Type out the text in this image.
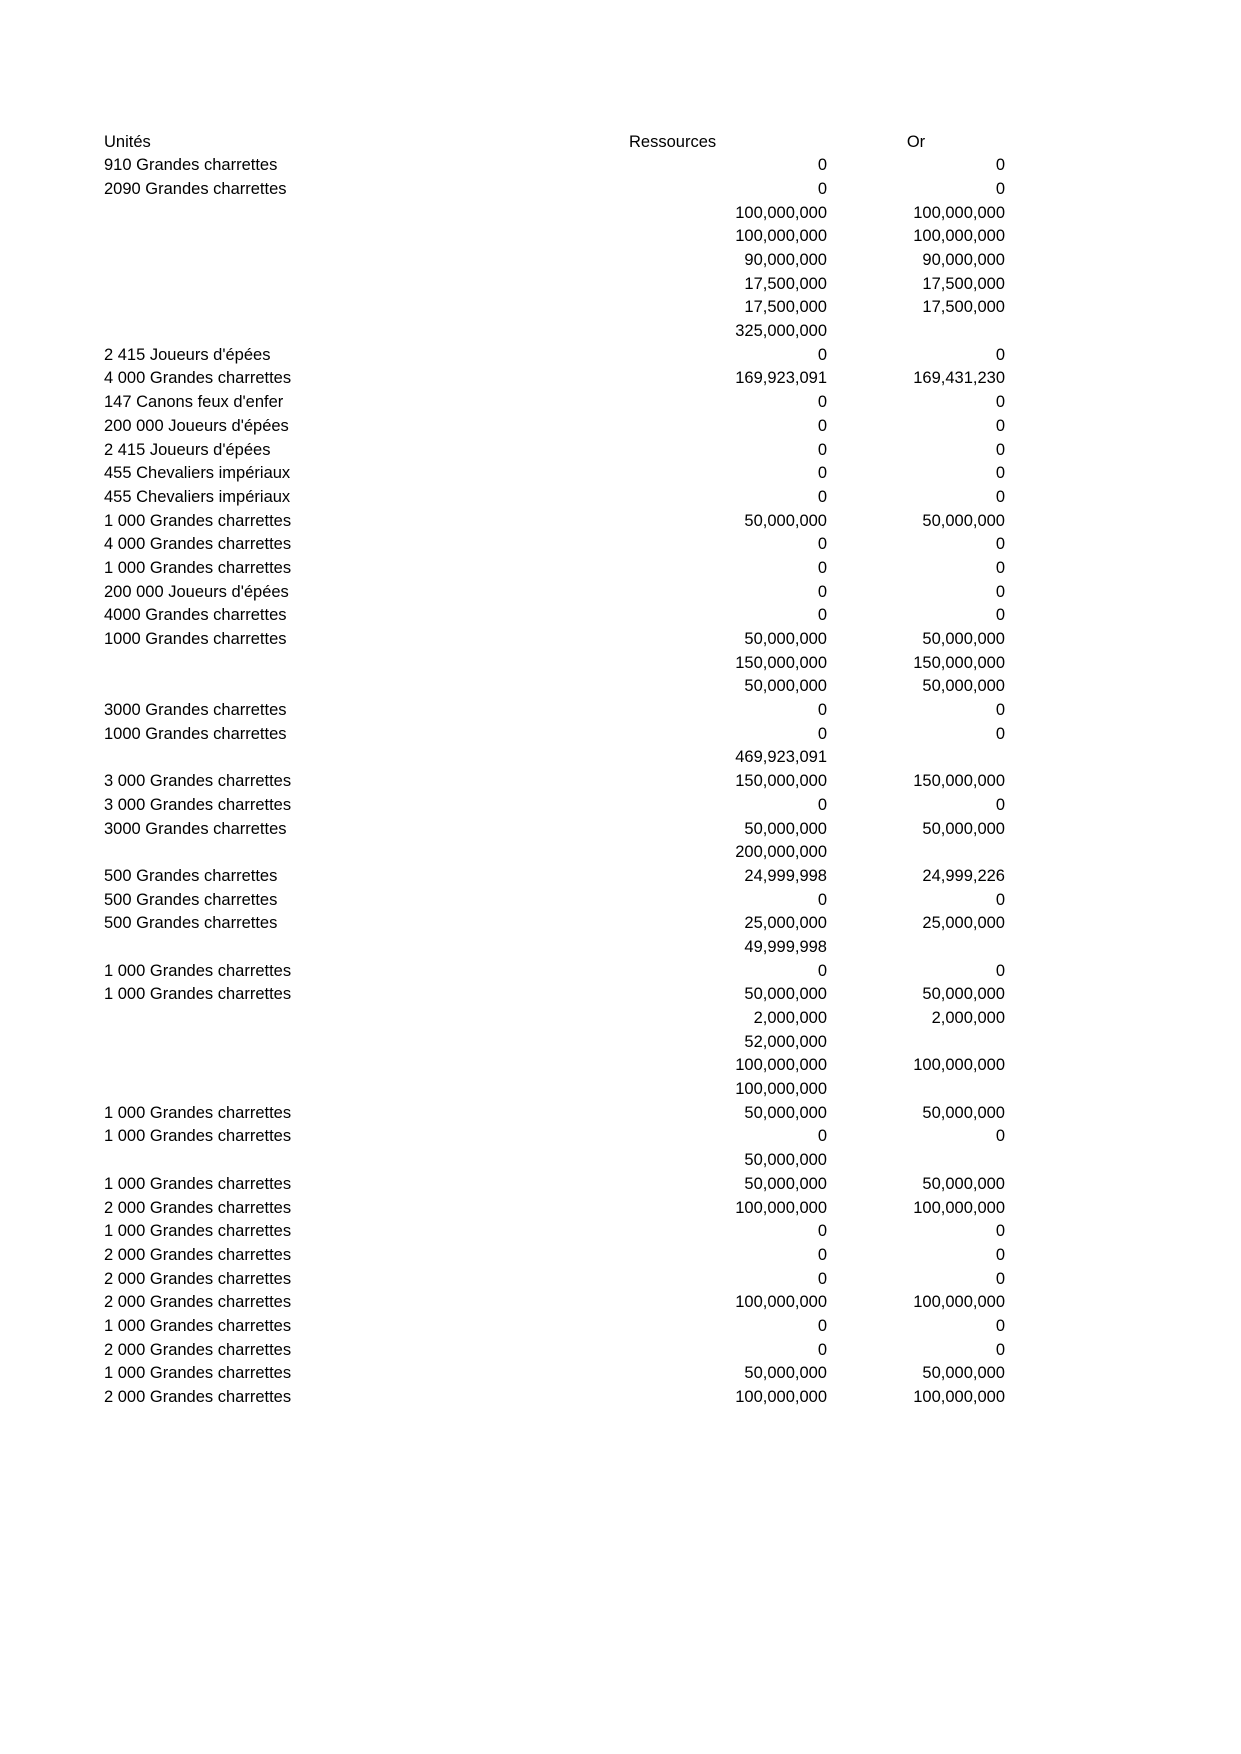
Unités	Ressources	Or
910 Grandes charrettes	0	0
2090 Grandes charrettes	0	0
	100,000,000	100,000,000
	100,000,000	100,000,000
	90,000,000	90,000,000
	17,500,000	17,500,000
	17,500,000	17,500,000
	325,000,000	
2 415 Joueurs d'épées	0	0
4 000 Grandes charrettes	169,923,091	169,431,230
147 Canons feux d'enfer	0	0
200 000 Joueurs d'épées	0	0
2 415 Joueurs d'épées	0	0
455 Chevaliers impériaux	0	0
455 Chevaliers impériaux	0	0
1 000 Grandes charrettes	50,000,000	50,000,000
4 000 Grandes charrettes	0	0
1 000 Grandes charrettes	0	0
200 000 Joueurs d'épées	0	0
4000 Grandes charrettes	0	0
1000 Grandes charrettes	50,000,000	50,000,000
	150,000,000	150,000,000
	50,000,000	50,000,000
3000 Grandes charrettes	0	0
1000 Grandes charrettes	0	0
	469,923,091	
3 000 Grandes charrettes	150,000,000	150,000,000
3 000 Grandes charrettes	0	0
3000 Grandes charrettes	50,000,000	50,000,000
	200,000,000	
500 Grandes charrettes	24,999,998	24,999,226
500 Grandes charrettes	0	0
500 Grandes charrettes	25,000,000	25,000,000
	49,999,998	
1 000 Grandes charrettes	0	0
1 000 Grandes charrettes	50,000,000	50,000,000
	2,000,000	2,000,000
	52,000,000	
	100,000,000	100,000,000
	100,000,000	
1 000 Grandes charrettes	50,000,000	50,000,000
1 000 Grandes charrettes	0	0
	50,000,000	
1 000 Grandes charrettes	50,000,000	50,000,000
2 000 Grandes charrettes	100,000,000	100,000,000
1 000 Grandes charrettes	0	0
2 000 Grandes charrettes	0	0
2 000 Grandes charrettes	0	0
2 000 Grandes charrettes	100,000,000	100,000,000
1 000 Grandes charrettes	0	0
2 000 Grandes charrettes	0	0
1 000 Grandes charrettes	50,000,000	50,000,000
2 000 Grandes charrettes	100,000,000	100,000,000
